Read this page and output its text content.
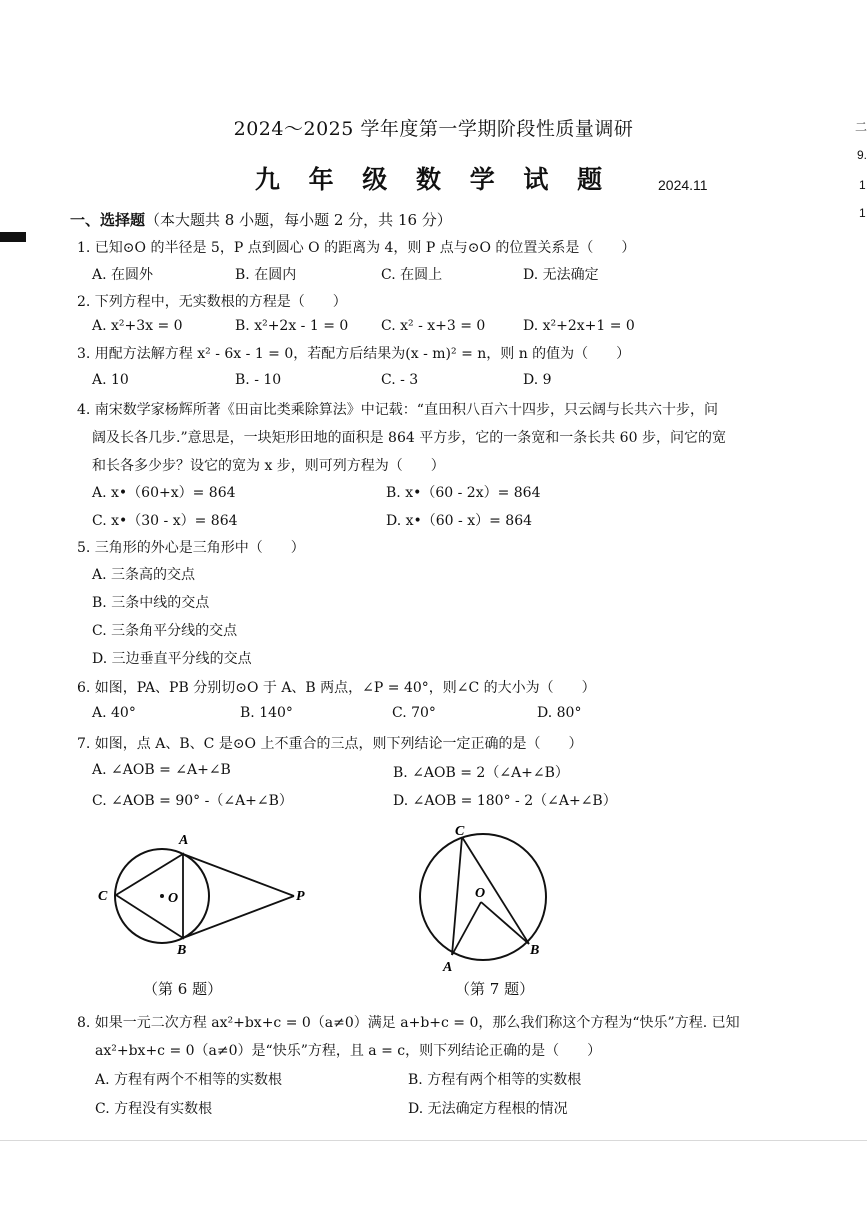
二
9.
1
1
2024～2025 学年度第一学期阶段性质量调研
九 年 级 数 学 试 题	2024.11
一、选择题（本大题共 8 小题，每小题 2 分，共 16 分）
1. 已知⊙O 的半径是 5，P 点到圆心 O 的距离为 4，则 P 点与⊙O 的位置关系是（　　）
A. 在圆外	B. 在圆内	C. 在圆上	D. 无法确定
2. 下列方程中，无实数根的方程是（　　）
A. x²+3x = 0	B. x²+2x - 1 = 0 C. x² - x+3 = 0	D. x²+2x+1 = 0
3. 用配方法解方程 x² - 6x - 1 = 0，若配方后结果为(x - m)² = n，则 n 的值为（　　）
A. 10	B. - 10	C. - 3	D. 9
4. 南宋数学家杨辉所著《田亩比类乘除算法》中记载：“直田积八百六十四步，只云阔与长共六十步，问
阔及长各几步.”意思是，一块矩形田地的面积是 864 平方步，它的一条宽和一条长共 60 步，问它的宽
和长各多少步？设它的宽为 x 步，则可列方程为（　　）
A. x•（60+x）= 864	B. x•（60 - 2x）= 864
C. x•（30 - x）= 864	D. x•（60 - x）= 864
5. 三角形的外心是三角形中（　　）
A. 三条高的交点
B. 三条中线的交点
C. 三条角平分线的交点
D. 三边垂直平分线的交点
6. 如图，PA、PB 分别切⊙O 于 A、B 两点，∠P = 40°，则∠C 的大小为（　　）
A. 40°	B. 140°	C. 70°	D. 80°
7. 如图，点 A、B、C 是⊙O 上不重合的三点，则下列结论一定正确的是（　　）
A. ∠AOB = ∠A+∠B	B. ∠AOB = 2（∠A+∠B）
C. ∠AOB = 90° -（∠A+∠B）	D. ∠AOB = 180° - 2（∠A+∠B）
A
B
C	O	P
（第 6 题）
C
O
A
B
（第 7 题）
8. 如果一元二次方程 ax²+bx+c = 0（a≠0）满足 a+b+c = 0，那么我们称这个方程为“快乐”方程. 已知
ax²+bx+c = 0（a≠0）是“快乐”方程，且 a = c，则下列结论正确的是（　　）
A. 方程有两个不相等的实数根	B. 方程有两个相等的实数根
C. 方程没有实数根	D. 无法确定方程根的情况
